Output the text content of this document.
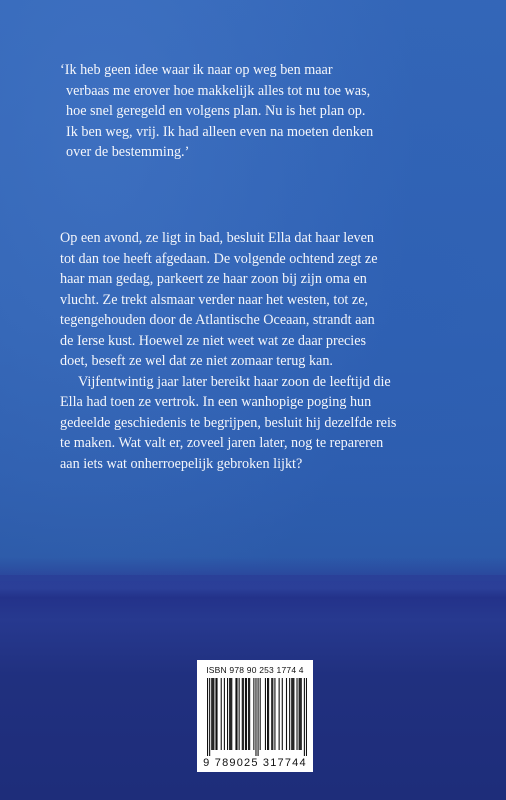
‘Ik heb geen idee waar ik naar op weg ben maar
verbaas me erover hoe makkelijk alles tot nu toe was,
hoe snel geregeld en volgens plan. Nu is het plan op.
Ik ben weg, vrij. Ik had alleen even na moeten denken
over de bestemming.’
Op een avond, ze ligt in bad, besluit Ella dat haar leven
tot dan toe heeft afgedaan. De volgende ochtend zegt ze
haar man gedag, parkeert ze haar zoon bij zijn oma en
vlucht. Ze trekt alsmaar verder naar het westen, tot ze,
tegengehouden door de Atlantische Oceaan, strandt aan
de Ierse kust. Hoewel ze niet weet wat ze daar precies
doet, beseft ze wel dat ze niet zomaar terug kan.
Vijfentwintig jaar later bereikt haar zoon de leeftijd die
Ella had toen ze vertrok. In een wanhopige poging hun
gedeelde geschiedenis te begrijpen, besluit hij dezelfde reis
te maken. Wat valt er, zoveel jaren later, nog te repareren
aan iets wat onherroepelijk gebroken lijkt?
ISBN 978 90 253 1774 4
9 789025 317744
